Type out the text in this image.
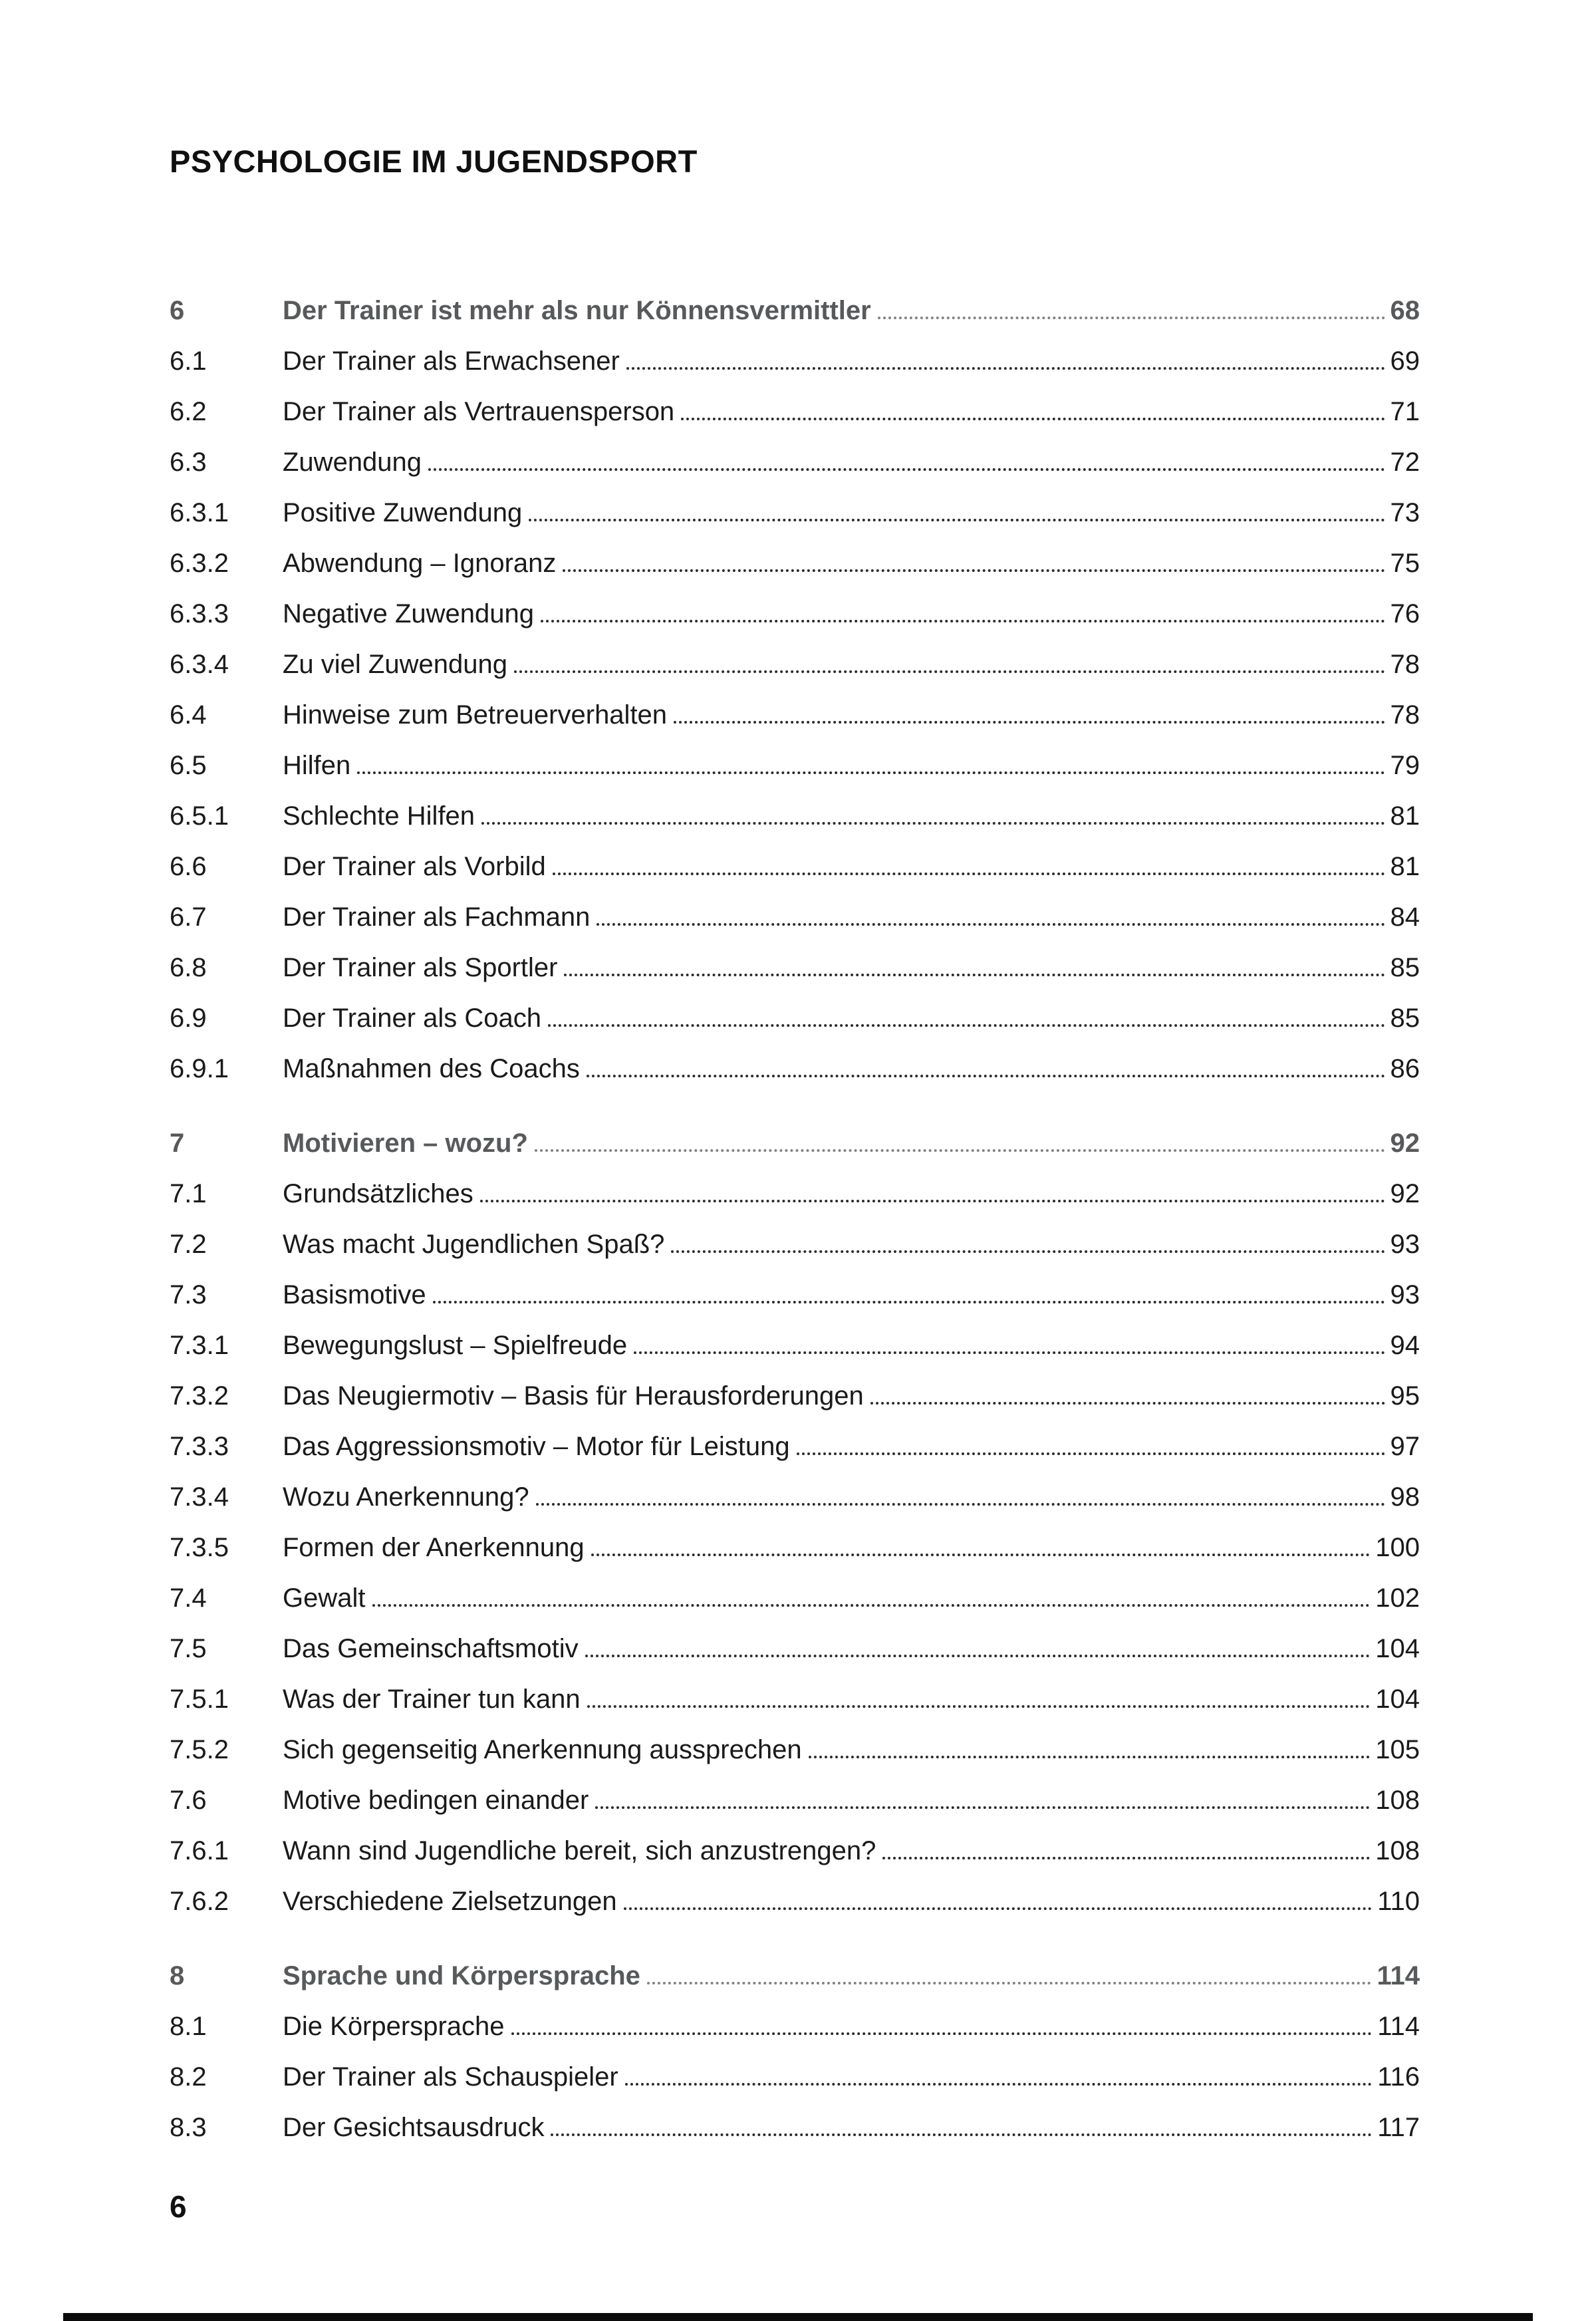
PSYCHOLOGIE IM JUGENDSPORT
6	Der Trainer ist mehr als nur Könnensvermittler	68
6.1	Der Trainer als Erwachsener	69
6.2	Der Trainer als Vertrauensperson	71
6.3	Zuwendung	72
6.3.1	Positive Zuwendung	73
6.3.2	Abwendung – Ignoranz	75
6.3.3	Negative Zuwendung	76
6.3.4	Zu viel Zuwendung	78
6.4	Hinweise zum Betreuerverhalten	78
6.5	Hilfen	79
6.5.1	Schlechte Hilfen	81
6.6	Der Trainer als Vorbild	81
6.7	Der Trainer als Fachmann	84
6.8	Der Trainer als Sportler	85
6.9	Der Trainer als Coach	85
6.9.1	Maßnahmen des Coachs	86
7	Motivieren – wozu?	92
7.1	Grundsätzliches	92
7.2	Was macht Jugendlichen Spaß?	93
7.3	Basismotive	93
7.3.1	Bewegungslust – Spielfreude	94
7.3.2	Das Neugiermotiv – Basis für Herausforderungen	95
7.3.3	Das Aggressionsmotiv – Motor für Leistung	97
7.3.4	Wozu Anerkennung?	98
7.3.5	Formen der Anerkennung	100
7.4	Gewalt	102
7.5	Das Gemeinschaftsmotiv	104
7.5.1	Was der Trainer tun kann	104
7.5.2	Sich gegenseitig Anerkennung aussprechen	105
7.6	Motive bedingen einander	108
7.6.1	Wann sind Jugendliche bereit, sich anzustrengen?	108
7.6.2	Verschiedene Zielsetzungen	110
8	Sprache und Körpersprache	114
8.1	Die Körpersprache	114
8.2	Der Trainer als Schauspieler	116
8.3	Der Gesichtsausdruck	117
6
